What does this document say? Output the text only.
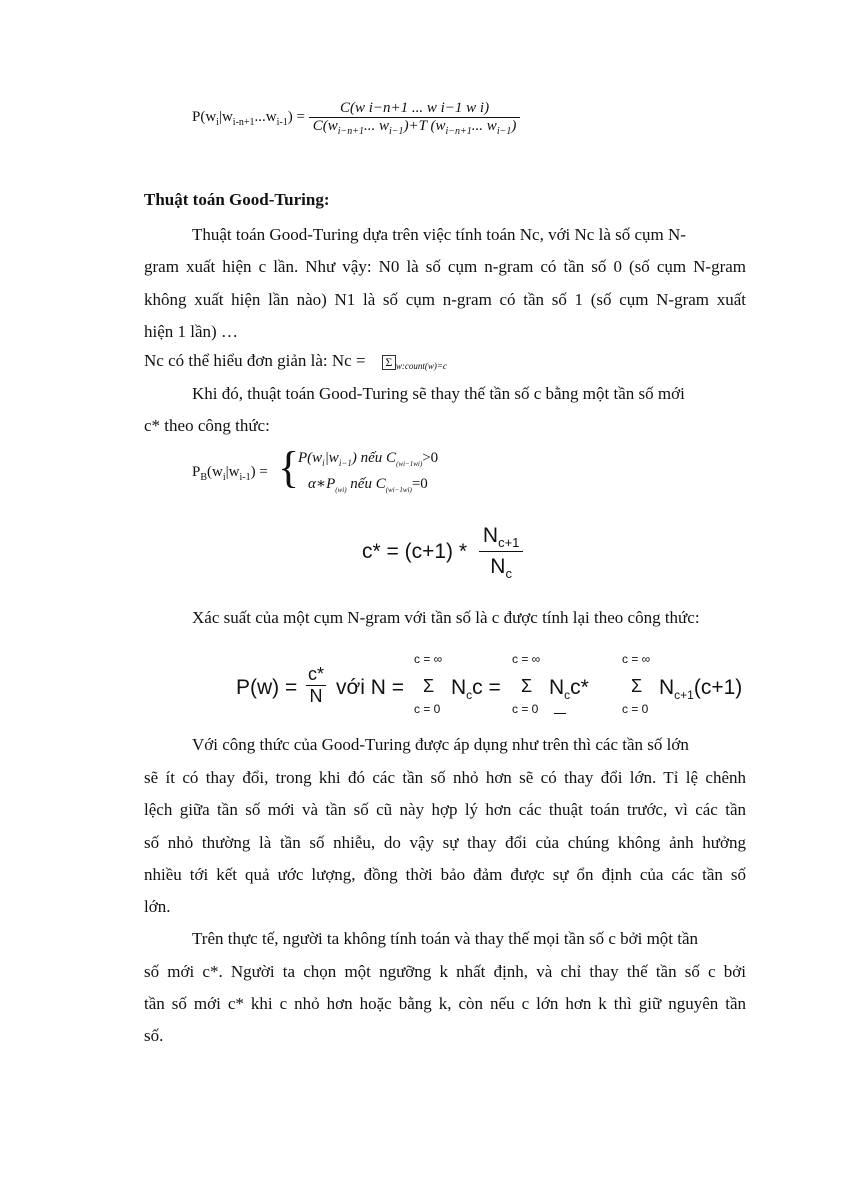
$P(w_i|w_{i-n+1}...w_{i-1}) = \frac{\text{C(w i−n+1 ... w i−1 w i)}}{C(w_{i-n+1}... w_{i-1})+T (w_{i-n+1}... w_{i-1})}$
Thuật toán Good-Turing:
Thuật toán Good-Turing dựa trên việc tính toán Nc, với Nc là số cụm N-
gram xuất hiện c lần. Như vậy: N0 là số cụm n-gram có tần số 0 (số cụm N-gram
không xuất hiện lần nào) N1 là số cụm n-gram có tần số 1 (số cụm N-gram xuất
hiện 1 lần) …
Nc có thể hiểu đơn giản là: Nc = Σ w:count(w)=c
Khi đó, thuật toán Good-Turing sẽ thay thế tần số c bằng một tần số mới
c* theo công thức:
$P_B(w_i|w_{i-1})$ = {
$P(w_i|w_{i-1})$ nếu $C_{(wi-1wi)}>0$
$\alpha∗P_{(wi)}$ nếu $C_{(wi-1wi)}=0$
$c* = (c+1) * \frac{N_{c+1}}{N_c}$
Xác suất của một cụm N-gram với tần số là c được tính lại theo công thức:
$P(w) = \frac{c*}{N}$ với N =
c = ∞
Σ
c = 0
$N_cc$ =
c = ∞
Σ
c = 0
$N_cc*$
c = ∞
Σ
c = 0
$N_{c+1}(c+1)$
Với công thức của Good-Turing được áp dụng như trên thì các tần số lớn
sẽ ít có thay đổi, trong khi đó các tần số nhỏ hơn sẽ có thay đổi lớn. Tỉ lệ chênh
lệch giữa tần số mới và tần số cũ này hợp lý hơn các thuật toán trước, vì các tần
số nhỏ thường là tần số nhiễu, do vậy sự thay đổi của chúng không ảnh hưởng
nhiều tới kết quả ước lượng, đồng thời bảo đảm được sự ổn định của các tần số
lớn.
Trên thực tế, người ta không tính toán và thay thế mọi tần số c bởi một tần
số mới c*. Người ta chọn một ngưỡng k nhất định, và chỉ thay thế tần số c bởi
tần số mới c* khi c nhỏ hơn hoặc bằng k, còn nếu c lớn hơn k thì giữ nguyên tần
số.
